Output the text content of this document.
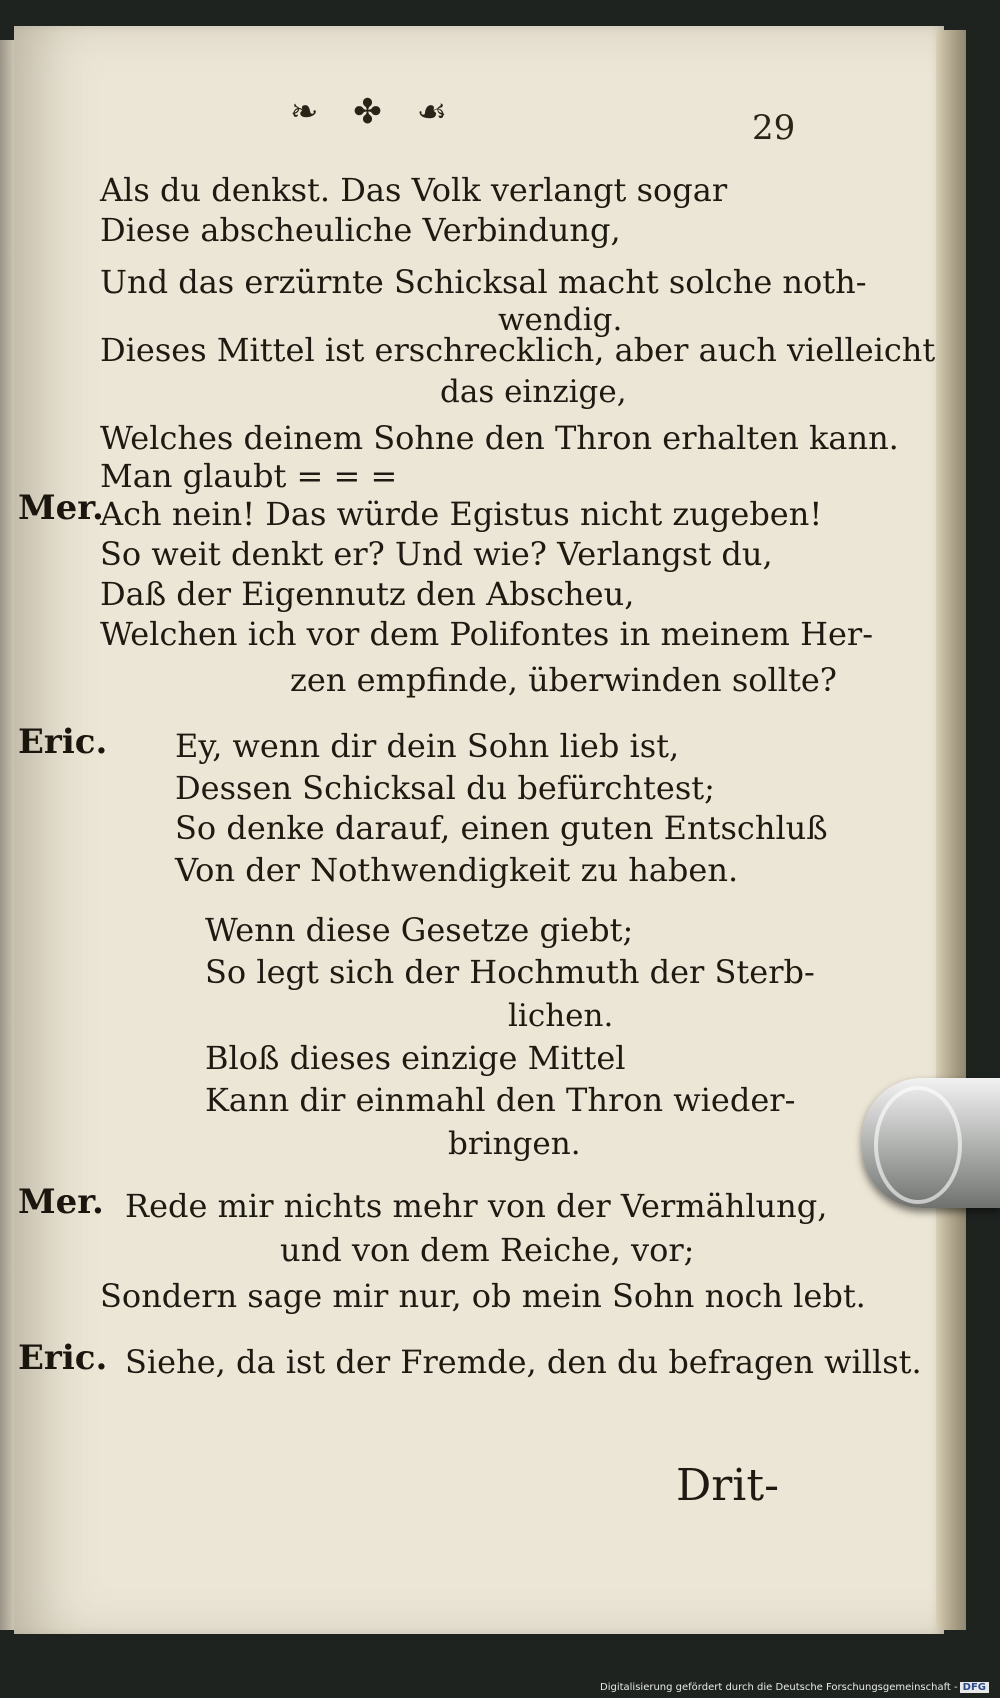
❧ ✤ ☙	29
Als du denkst. Das Volk verlangt sogar
Diese abscheuliche Verbindung,
Und das erzürnte Schicksal macht solche noth-
wendig.
Dieses Mittel ist erschrecklich, aber auch vielleicht
das einzige,
Welches deinem Sohne den Thron erhalten kann.
Man glaubt = = =
Mer.
Ach nein! Das würde Egistus nicht zugeben!
So weit denkt er? Und wie? Verlangst du,
Daß der Eigennutz den Abscheu,
Welchen ich vor dem Polifontes in meinem Her-
zen empfinde, überwinden sollte?
Eric. Ey, wenn dir dein Sohn lieb ist,
Dessen Schicksal du befürchtest;
So denke darauf, einen guten Entschluß
Von der Nothwendigkeit zu haben.
Wenn diese Gesetze giebt;
So legt sich der Hochmuth der Sterb-
lichen.
Bloß dieses einzige Mittel
Kann dir einmahl den Thron wieder-
bringen.
Mer. Rede mir nichts mehr von der Vermählung,
und von dem Reiche, vor;
Sondern sage mir nur, ob mein Sohn noch lebt.
Eric. Siehe, da ist der Fremde, den du befragen willst.
Drit-
Digitalisierung gefördert durch die Deutsche Forschungsgemeinschaft - DFG
